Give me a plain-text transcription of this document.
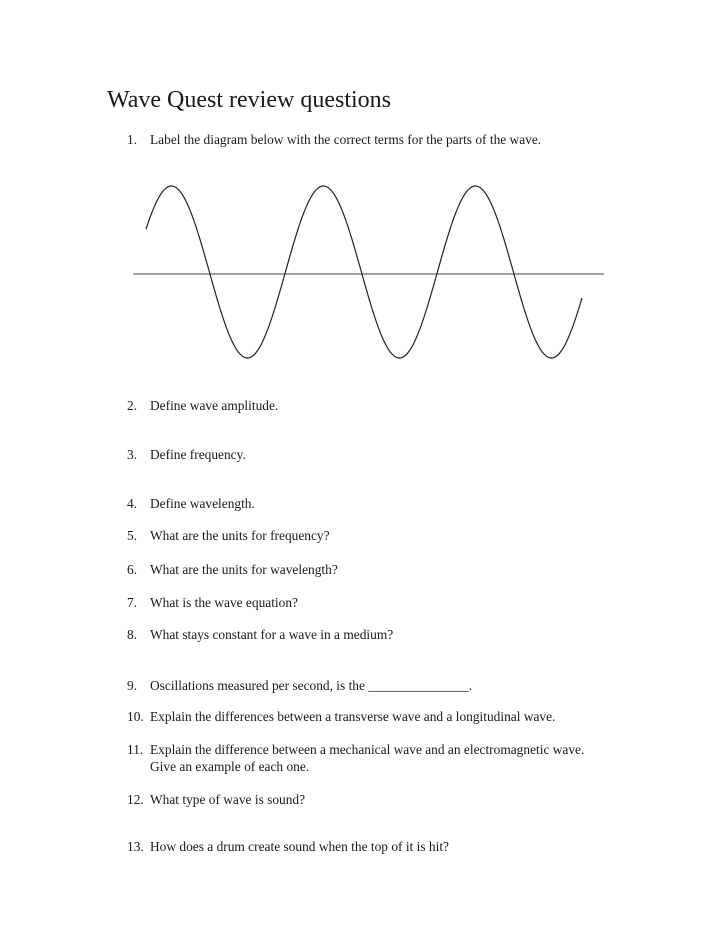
Wave Quest review questions
1. Label the diagram below with the correct terms for the parts of the wave.
2. Define wave amplitude.
3. Define frequency.
4. Define wavelength.
5. What are the units for frequency?
6. What are the units for wavelength?
7. What is the wave equation?
8. What stays constant for a wave in a medium?
9. Oscillations measured per second, is the _______________.
10. Explain the differences between a transverse wave and a longitudinal wave.
11. Explain the difference between a mechanical wave and an electromagnetic wave.
Give an example of each one.
12. What type of wave is sound?
13. How does a drum create sound when the top of it is hit?
